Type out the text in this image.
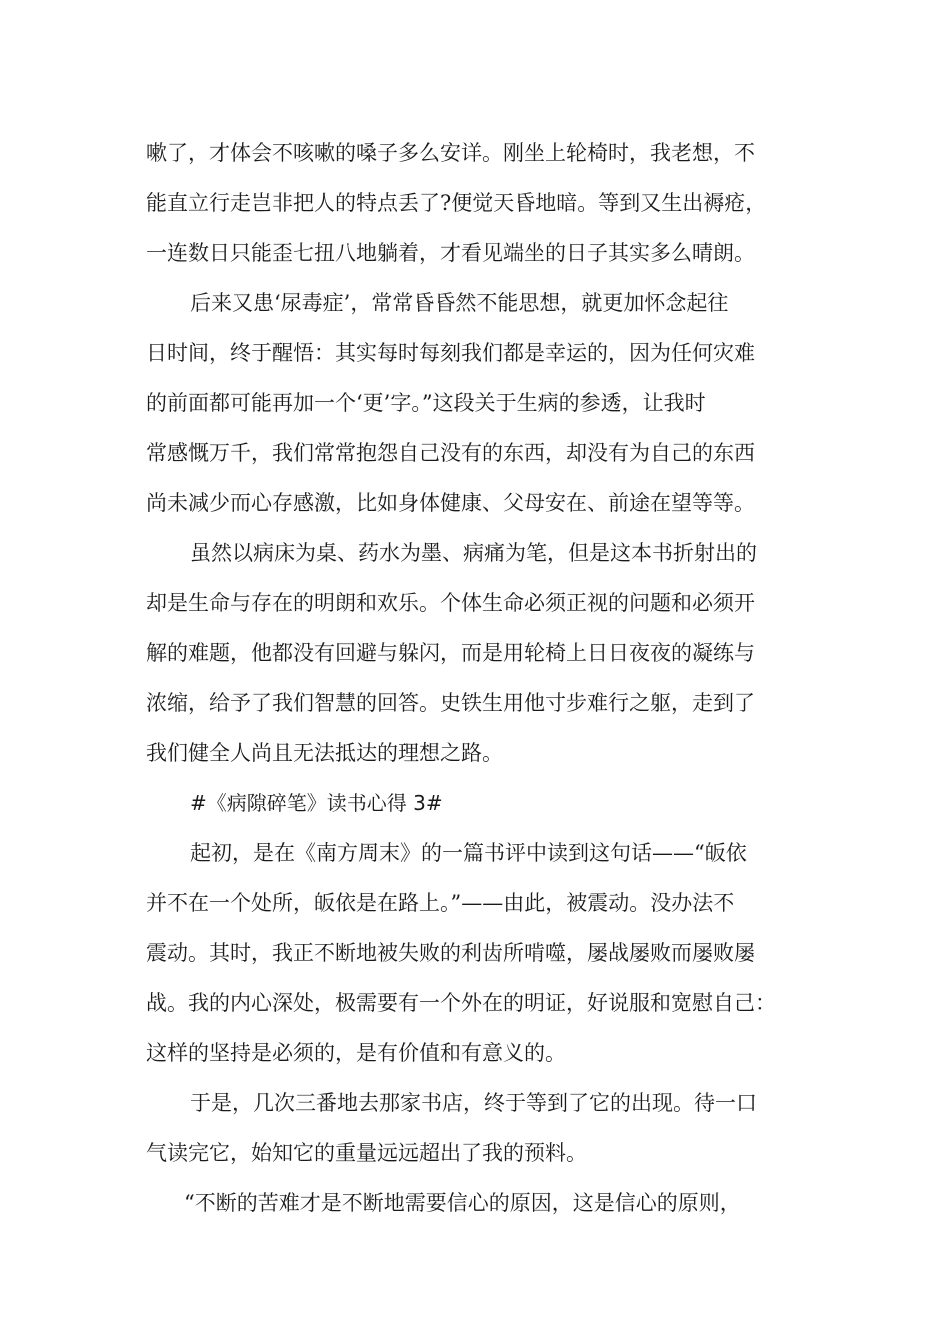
嗽了，才体会不咳嗽的嗓子多么安详。刚坐上轮椅时，我老想，不
能直立行走岂非把人的特点丢了?便觉天昏地暗。等到又生出褥疮，
一连数日只能歪七扭八地躺着，才看见端坐的日子其实多么晴朗。
后来又患‘尿毒症’，常常昏昏然不能思想，就更加怀念起往
日时间，终于醒悟：其实每时每刻我们都是幸运的，因为任何灾难
的前面都可能再加一个‘更’字。”这段关于生病的参透，让我时
常感慨万千，我们常常抱怨自己没有的东西，却没有为自己的东西
尚未减少而心存感激，比如身体健康、父母安在、前途在望等等。
虽然以病床为桌、药水为墨、病痛为笔，但是这本书折射出的
却是生命与存在的明朗和欢乐。个体生命必须正视的问题和必须开
解的难题，他都没有回避与躲闪，而是用轮椅上日日夜夜的凝练与
浓缩，给予了我们智慧的回答。史铁生用他寸步难行之躯，走到了
我们健全人尚且无法抵达的理想之路。
#《病隙碎笔》读书心得 3#
起初，是在《南方周末》的一篇书评中读到这句话——“皈依
并不在一个处所，皈依是在路上。”——由此，被震动。没办法不
震动。其时，我正不断地被失败的利齿所啃噬，屡战屡败而屡败屡
战。我的内心深处，极需要有一个外在的明证，好说服和宽慰自己：
这样的坚持是必须的，是有价值和有意义的。
于是，几次三番地去那家书店，终于等到了它的出现。待一口
气读完它，始知它的重量远远超出了我的预料。
“不断的苦难才是不断地需要信心的原因，这是信心的原则，
